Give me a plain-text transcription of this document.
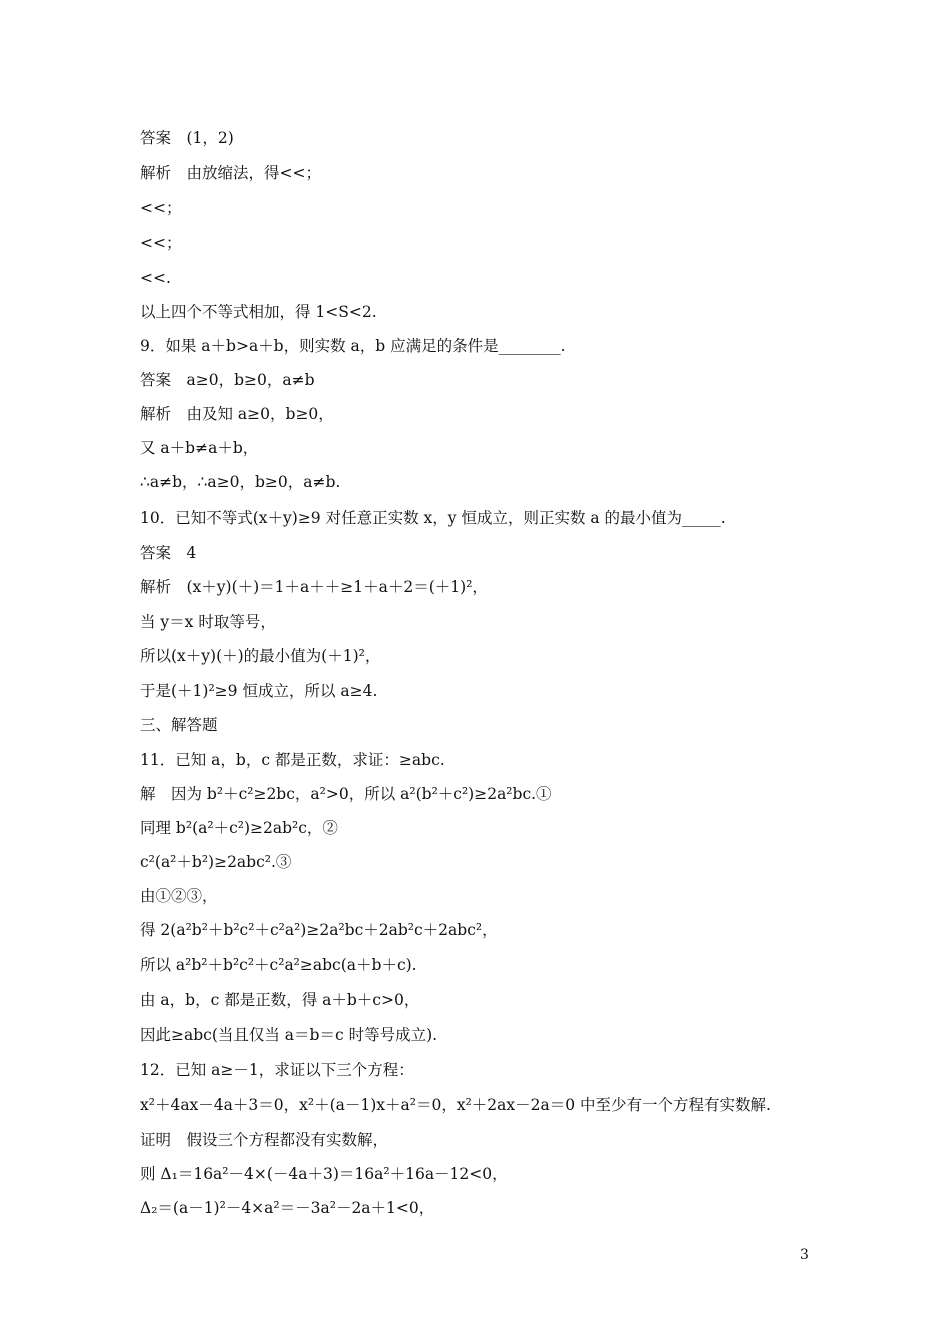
答案　(1，2)
解析　由放缩法，得<<；
<<；
<<；
<<.
以上四个不等式相加，得 1<S<2.
9．如果 a＋b>a＋b，则实数 a，b 应满足的条件是________.
答案　a≥0，b≥0，a≠b
解析　由及知 a≥0，b≥0，
又 a＋b≠a＋b，
∴a≠b，∴a≥0，b≥0，a≠b.
10．已知不等式(x＋y)≥9 对任意正实数 x，y 恒成立，则正实数 a 的最小值为_____.
答案　4
解析　(x＋y)(＋)＝1＋a＋＋≥1＋a＋2＝(＋1)²，
当 y＝x 时取等号，
所以(x＋y)(＋)的最小值为(＋1)²，
于是(＋1)²≥9 恒成立，所以 a≥4.
三、解答题
11．已知 a，b，c 都是正数，求证：≥abc.
解　因为 b²＋c²≥2bc，a²>0，所以 a²(b²＋c²)≥2a²bc.①
同理 b²(a²＋c²)≥2ab²c，②
c²(a²＋b²)≥2abc².③
由①②③，
得 2(a²b²＋b²c²＋c²a²)≥2a²bc＋2ab²c＋2abc²，
所以 a²b²＋b²c²＋c²a²≥abc(a＋b＋c).
由 a，b，c 都是正数，得 a＋b＋c>0，
因此≥abc(当且仅当 a＝b＝c 时等号成立).
12．已知 a≥－1，求证以下三个方程：
x²＋4ax－4a＋3＝0，x²＋(a－1)x＋a²＝0，x²＋2ax－2a＝0 中至少有一个方程有实数解.
证明　假设三个方程都没有实数解，
则 Δ₁＝16a²－4×(－4a＋3)＝16a²＋16a－12<0，
Δ₂＝(a－1)²－4×a²＝－3a²－2a＋1<0，
3
